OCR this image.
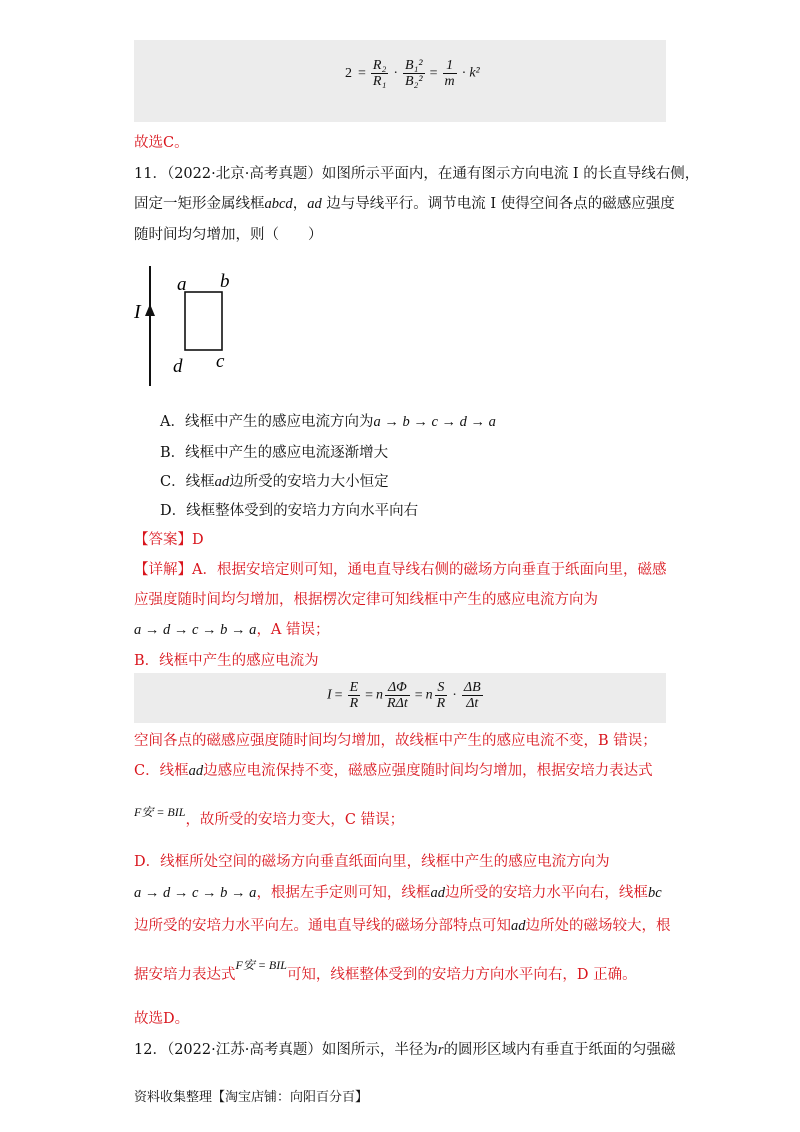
$2 = \frac{\text{R₂}}{\text{R₁}} \cdot \frac{\text{B₁²}}{\text{B₂²}} = \frac{1}{m} \cdot k^2$
故选C。
11．（2022·北京·高考真题）如图所示平面内，在通有图示方向电流 I 的长直导线右侧，
固定一矩形金属线框abcd，ad 边与导线平行。调节电流 I 使得空间各点的磁感应强度
随时间均匀增加，则（　　）
I
a b
c
d
A．线框中产生的感应电流方向为a → b → c → d → a
B．线框中产生的感应电流逐渐增大
C．线框ad边所受的安培力大小恒定
D．线框整体受到的安培力方向水平向右
【答案】D
【详解】A．根据安培定则可知，通电直导线右侧的磁场方向垂直于纸面向里，磁感
应强度随时间均匀增加，根据楞次定律可知线框中产生的感应电流方向为
a → d → c → b → a，A 错误；
B．线框中产生的感应电流为
$I = \frac{E}{R} = n \frac{\Delta\Phi}{\text{RΔt}} = n \frac{S}{R} \cdot \frac{\Delta B}{\Delta t}$
空间各点的磁感应强度随时间均匀增加，故线框中产生的感应电流不变，B 错误；
C．线框ad边感应电流保持不变，磁感应强度随时间均匀增加，根据安培力表达式
$^{F安 = BIL}$，故所受的安培力变大，C 错误；
D．线框所处空间的磁场方向垂直纸面向里，线框中产生的感应电流方向为
a → d → c → b → a，根据左手定则可知，线框ad边所受的安培力水平向右，线框bc
边所受的安培力水平向左。通电直导线的磁场分部特点可知ad边所处的磁场较大，根
据安培力表达式$^{F安 = BIL}$可知，线框整体受到的安培力方向水平向右，D 正确。
故选D。
12．（2022·江苏·高考真题）如图所示，半径为r的圆形区域内有垂直于纸面的匀强磁
资料收集整理【淘宝店铺：向阳百分百】
